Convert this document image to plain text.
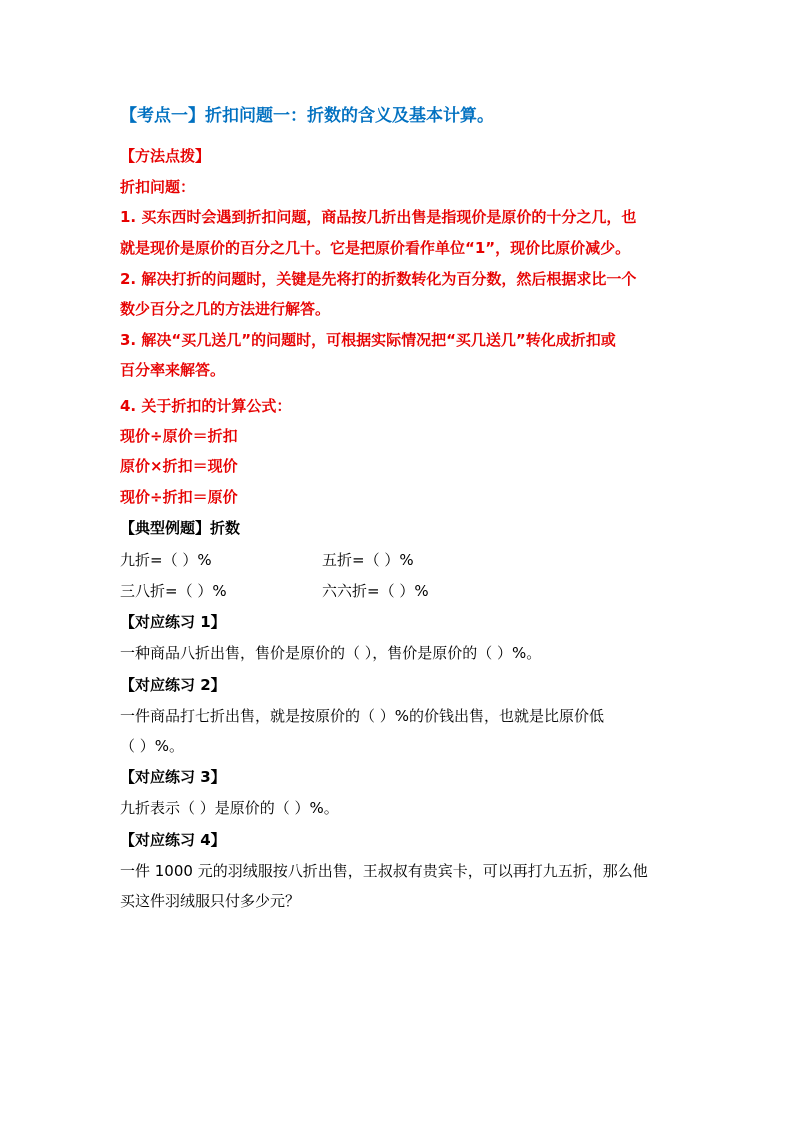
【考点一】折扣问题一：折数的含义及基本计算。
【方法点拨】
折扣问题：
1. 买东西时会遇到折扣问题，商品按几折出售是指现价是原价的十分之几，也
就是现价是原价的百分之几十。它是把原价看作单位“1”，现价比原价减少。
2. 解决打折的问题时，关键是先将打的折数转化为百分数，然后根据求比一个
数少百分之几的方法进行解答。
3. 解决“买几送几”的问题时，可根据实际情况把“买几送几”转化成折扣或
百分率来解答。
4. 关于折扣的计算公式：
现价÷原价＝折扣
原价×折扣＝现价
现价÷折扣＝原价
【典型例题】折数
九折=（ ）%	五折=（ ）%
三八折=（ ）%	六六折=（ ）%
【对应练习 1】
一种商品八折出售，售价是原价的（ ），售价是原价的（ ）%。
【对应练习 2】
一件商品打七折出售，就是按原价的（ ）%的价钱出售，也就是比原价低
（ ）%。
【对应练习 3】
九折表示（ ）是原价的（ ）%。
【对应练习 4】
一件 1000 元的羽绒服按八折出售，王叔叔有贵宾卡，可以再打九五折，那么他
买这件羽绒服只付多少元？
